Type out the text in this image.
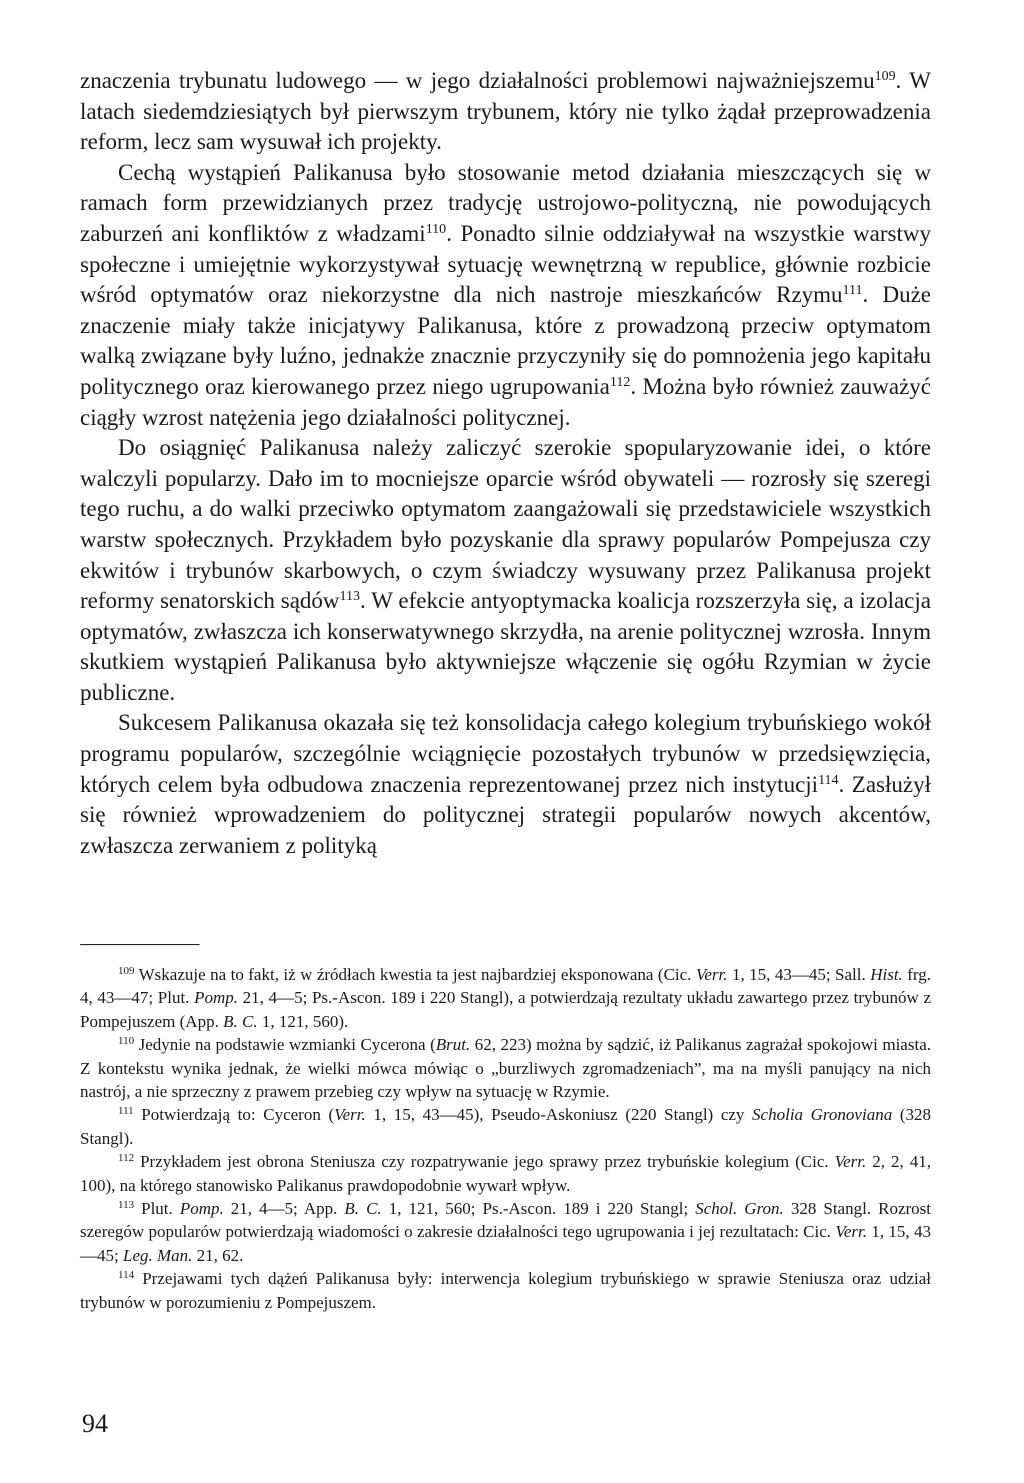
znaczenia trybunatu ludowego — w jego działalności problemowi najważniejszemu$^{109}$. W latach siedemdziesiątych był pierwszym trybunem, który nie tylko żądał przeprowadzenia reform, lecz sam wysuwał ich projekty.

Cechą wystąpień Palikanusa było stosowanie metod działania mieszczących się w ramach form przewidzianych przez tradycję ustrojowo-polityczną, nie powodujących zaburzeń ani konfliktów z władzami$^{110}$. Ponadto silnie oddziaływał na wszystkie warstwy społeczne i umiejętnie wykorzystywał sytuację wewnętrzną w republice, głównie rozbicie wśród optymatów oraz niekorzystne dla nich nastroje mieszkańców Rzymu$^{111}$. Duże znaczenie miały także inicjatywy Palikanusa, które z prowadzoną przeciw optymatom walką związane były luźno, jednakże znacznie przyczyniły się do pomnożenia jego kapitału politycznego oraz kierowanego przez niego ugrupowania$^{112}$. Można było również zauważyć ciągły wzrost natężenia jego działalności politycznej.

Do osiągnięć Palikanusa należy zaliczyć szerokie spopularyzowanie idei, o które walczyli popularzy. Dało im to mocniejsze oparcie wśród obywateli — rozrosły się szeregi tego ruchu, a do walki przeciwko optymatom zaangażowali się przedstawiciele wszystkich warstw społecznych. Przykładem było pozyskanie dla sprawy popularów Pompejusza czy ekwitów i trybunów skarbowych, o czym świadczy wysuwany przez Palikanusa projekt reformy senatorskich sądów$^{113}$. W efekcie antyoptymacka koalicja rozszerzyła się, a izolacja optymatów, zwłaszcza ich konserwatywnego skrzydła, na arenie politycznej wzrosła. Innym skutkiem wystąpień Palikanusa było aktywniejsze włączenie się ogółu Rzymian w życie publiczne.

Sukcesem Palikanusa okazała się też konsolidacja całego kolegium trybuńskiego wokół programu popularów, szczególnie wciągnięcie pozostałych trybunów w przedsięwzięcia, których celem była odbudowa znaczenia reprezentowanej przez nich instytucji$^{114}$. Zasłużył się również wprowadzeniem do politycznej strategii popularów nowych akcentów, zwłaszcza zerwaniem z polityką

$^{109}$ Wskazuje na to fakt, iż w źródłach kwestia ta jest najbardziej eksponowana (Cic. Verr. 1, 15, 43—45; Sall. Hist. frg. 4, 43—47; Plut. Pomp. 21, 4—5; Ps.-Ascon. 189 i 220 Stangl), a potwierdzają rezultaty układu zawartego przez trybunów z Pompejuszem (App. B. C. 1, 121, 560).

$^{110}$ Jedynie na podstawie wzmianki Cycerona (Brut. 62, 223) można by sądzić, iż Palikanus zagrażał spokojowi miasta. Z kontekstu wynika jednak, że wielki mówca mówiąc o „burzliwych zgromadzeniach”, ma na myśli panujący na nich nastrój, a nie sprzeczny z prawem przebieg czy wpływ na sytuację w Rzymie.

$^{111}$ Potwierdzają to: Cyceron (Verr. 1, 15, 43—45), Pseudo-Askoniusz (220 Stangl) czy Scholia Gronoviana (328 Stangl).

$^{112}$ Przykładem jest obrona Steniusza czy rozpatrywanie jego sprawy przez trybuńskie kolegium (Cic. Verr. 2, 2, 41, 100), na którego stanowisko Palikanus prawdopodobnie wywarł wpływ.

$^{113}$ Plut. Pomp. 21, 4—5; App. B. C. 1, 121, 560; Ps.-Ascon. 189 i 220 Stangl; Schol. Gron. 328 Stangl. Rozrost szeregów popularów potwierdzają wiadomości o zakresie działalności tego ugrupowania i jej rezultatach: Cic. Verr. 1, 15, 43—45; Leg. Man. 21, 62.

$^{114}$ Przejawami tych dążeń Palikanusa były: interwencja kolegium trybuńskiego w sprawie Steniusza oraz udział trybunów w porozumieniu z Pompejuszem.

94
